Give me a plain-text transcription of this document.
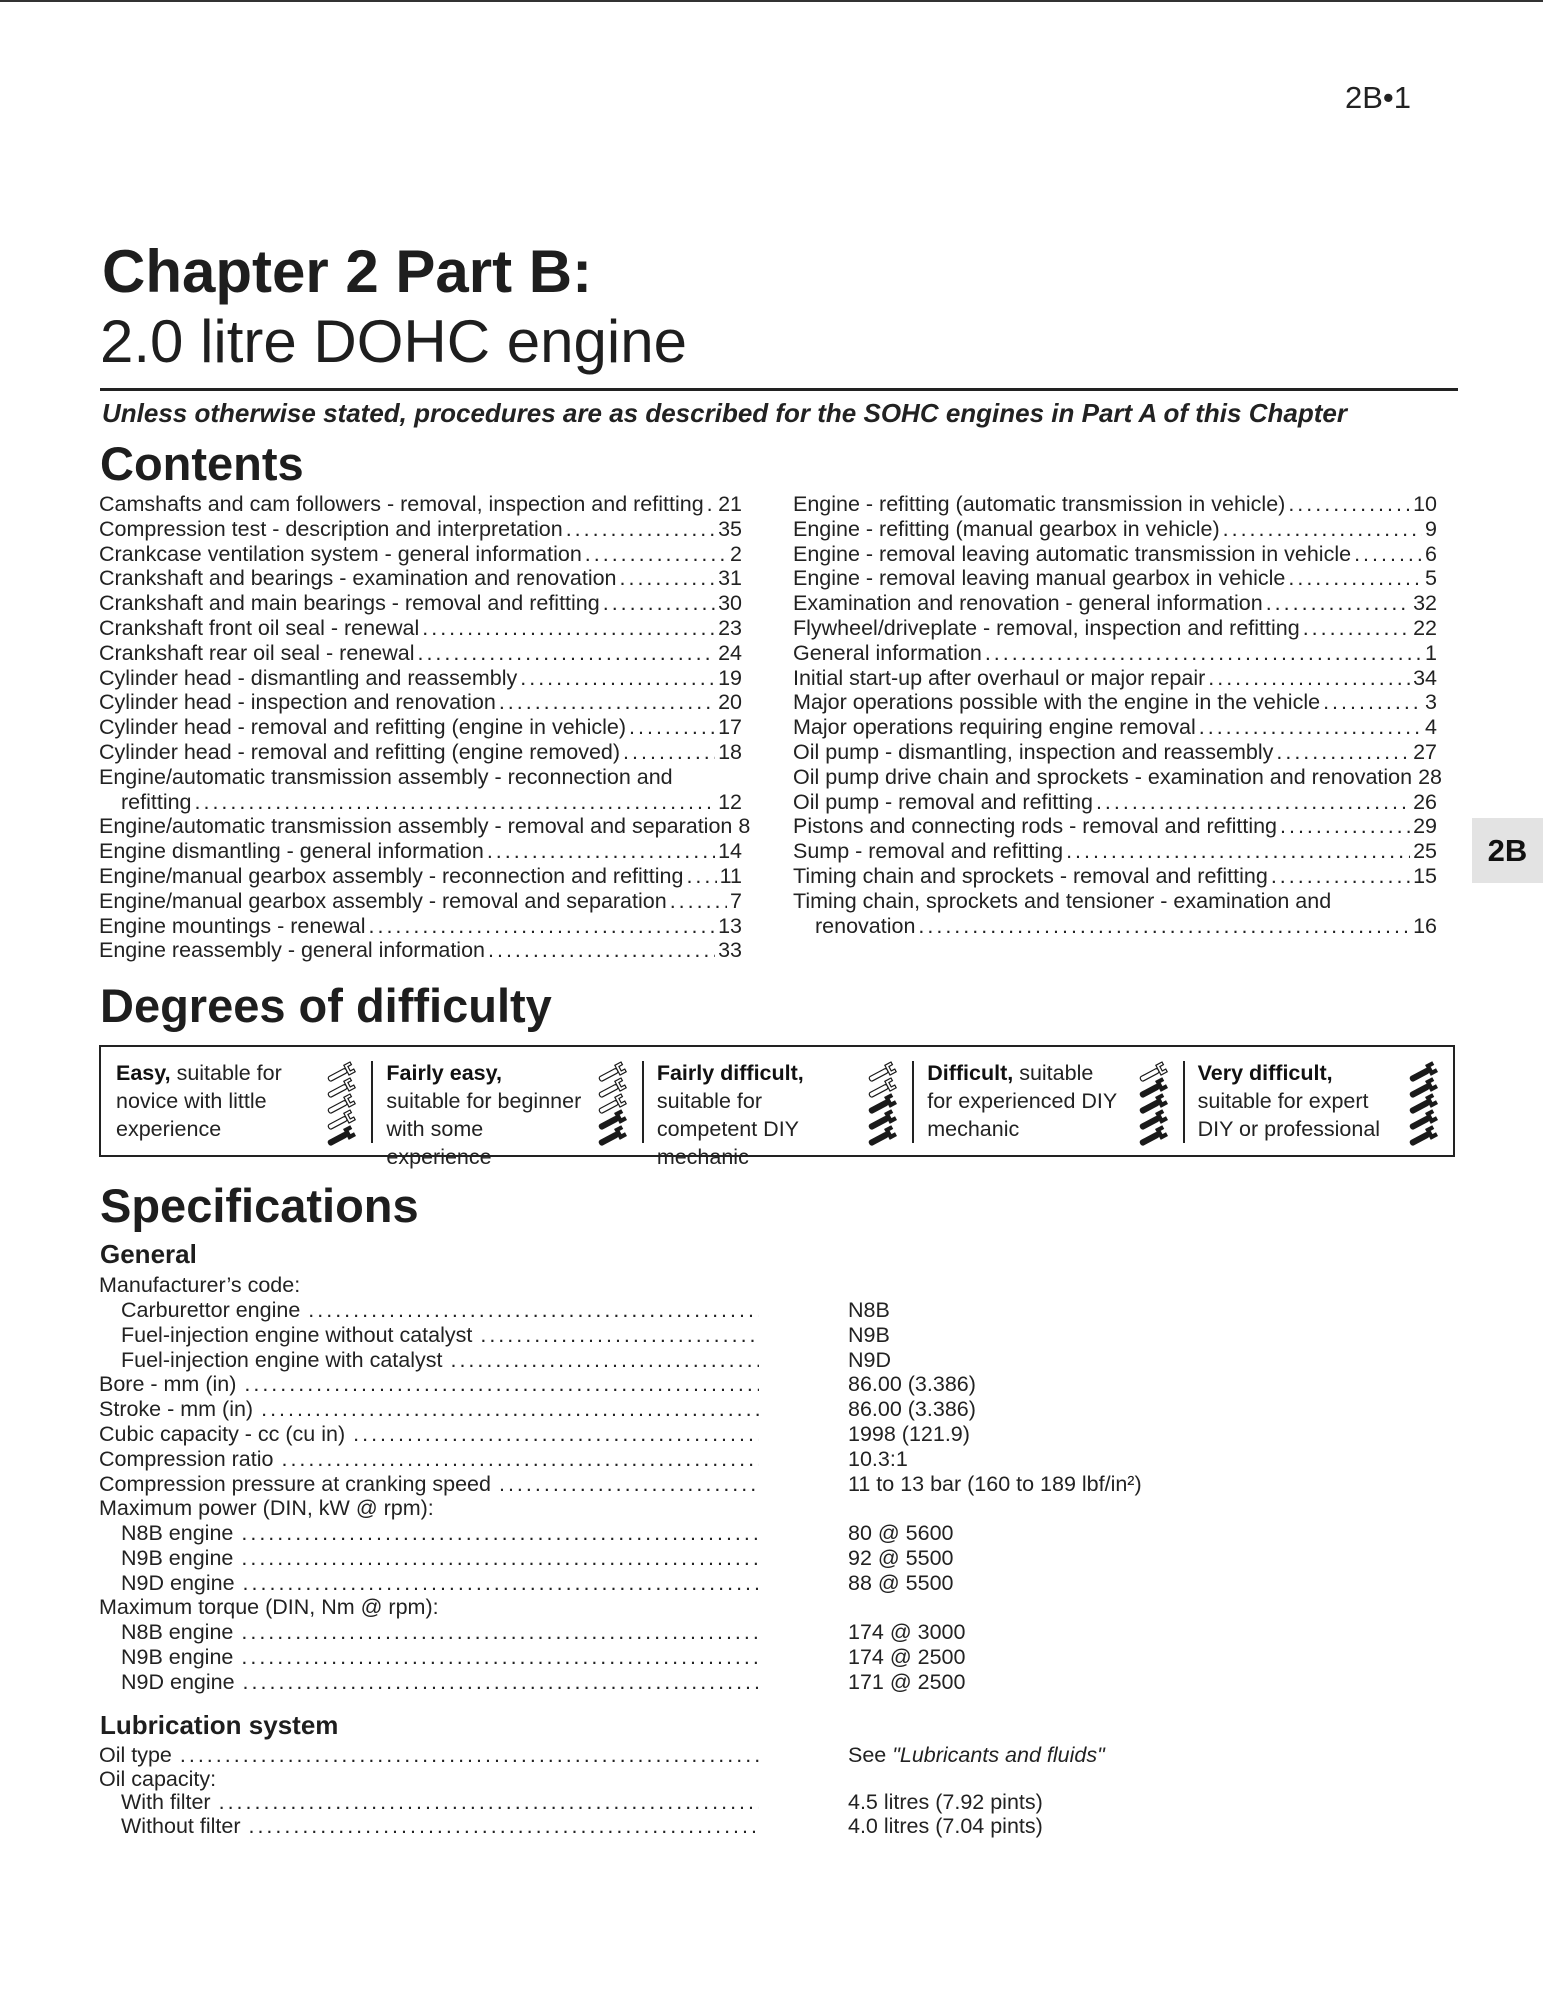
2B•1
Chapter 2 Part B:
2.0 litre DOHC engine
Unless otherwise stated, procedures are as described for the SOHC engines in Part A of this Chapter
Contents
Camshafts and cam followers - removal, inspection and refitting ..... 21
Compression test - description and interpretation .....	35
Crankcase ventilation system - general information .....	2
Crankshaft and bearings - examination and renovation .....	31
Crankshaft and main bearings - removal and refitting .....	30
Crankshaft front oil seal - renewal .....	23
Crankshaft rear oil seal - renewal .....	24
Cylinder head - dismantling and reassembly .....	19
Cylinder head - inspection and renovation .....	20
Cylinder head - removal and refitting (engine in vehicle) .....	17
Cylinder head - removal and refitting (engine removed) .....	18
Engine/automatic transmission assembly - reconnection and
refitting .....	12
Engine/automatic transmission assembly - removal and separation 8
Engine dismantling - general information .....	14
Engine/manual gearbox assembly - reconnection and refitting ..... 11
Engine/manual gearbox assembly - removal and separation .....	7
Engine mountings - renewal .....	13
Engine reassembly - general information .....	33
Engine - refitting (automatic transmission in vehicle) .....	10
Engine - refitting (manual gearbox in vehicle) .....	9
Engine - removal leaving automatic transmission in vehicle .....	6
Engine - removal leaving manual gearbox in vehicle .....	5
Examination and renovation - general information .....	32
Flywheel/driveplate - removal, inspection and refitting .....	22
General information .....	1
Initial start-up after overhaul or major repair .....	34
Major operations possible with the engine in the vehicle .....	3
Major operations requiring engine removal .....	4
Oil pump - dismantling, inspection and reassembly .....	27
Oil pump drive chain and sprockets - examination and renovation 28
Oil pump - removal and refitting .....	26
Pistons and connecting rods - removal and refitting .....	29
Sump - removal and refitting .....	25
Timing chain and sprockets - removal and refitting .....	15
Timing chain, sprockets and tensioner - examination and
renovation .....	16
2B
Degrees of difficulty
Easy, suitable for novice with little experience
Fairly easy, suitable for beginner with some experience
Fairly difficult, suitable for competent DIY mechanic
Difficult, suitable for experienced DIY mechanic
Very difficult, suitable for expert DIY or professional
Specifications
General
Manufacturer’s code:
Carburettor engine .....	N8B
Fuel-injection engine without catalyst .....	N9B
Fuel-injection engine with catalyst .....	N9D
Bore - mm (in) .....	86.00 (3.386)
Stroke - mm (in) .....	86.00 (3.386)
Cubic capacity - cc (cu in) .....	1998 (121.9)
Compression ratio .....	10.3:1
Compression pressure at cranking speed .....	11 to 13 bar (160 to 189 lbf/in²)
Maximum power (DIN, kW @ rpm):
N8B engine .....	80 @ 5600
N9B engine .....	92 @ 5500
N9D engine .....	88 @ 5500
Maximum torque (DIN, Nm @ rpm):
N8B engine .....	174 @ 3000
N9B engine .....	174 @ 2500
N9D engine .....	171 @ 2500
Lubrication system
Oil type .....	See "Lubricants and fluids"
Oil capacity:
With filter .....	4.5 litres (7.92 pints)
Without filter .....	4.0 litres (7.04 pints)
